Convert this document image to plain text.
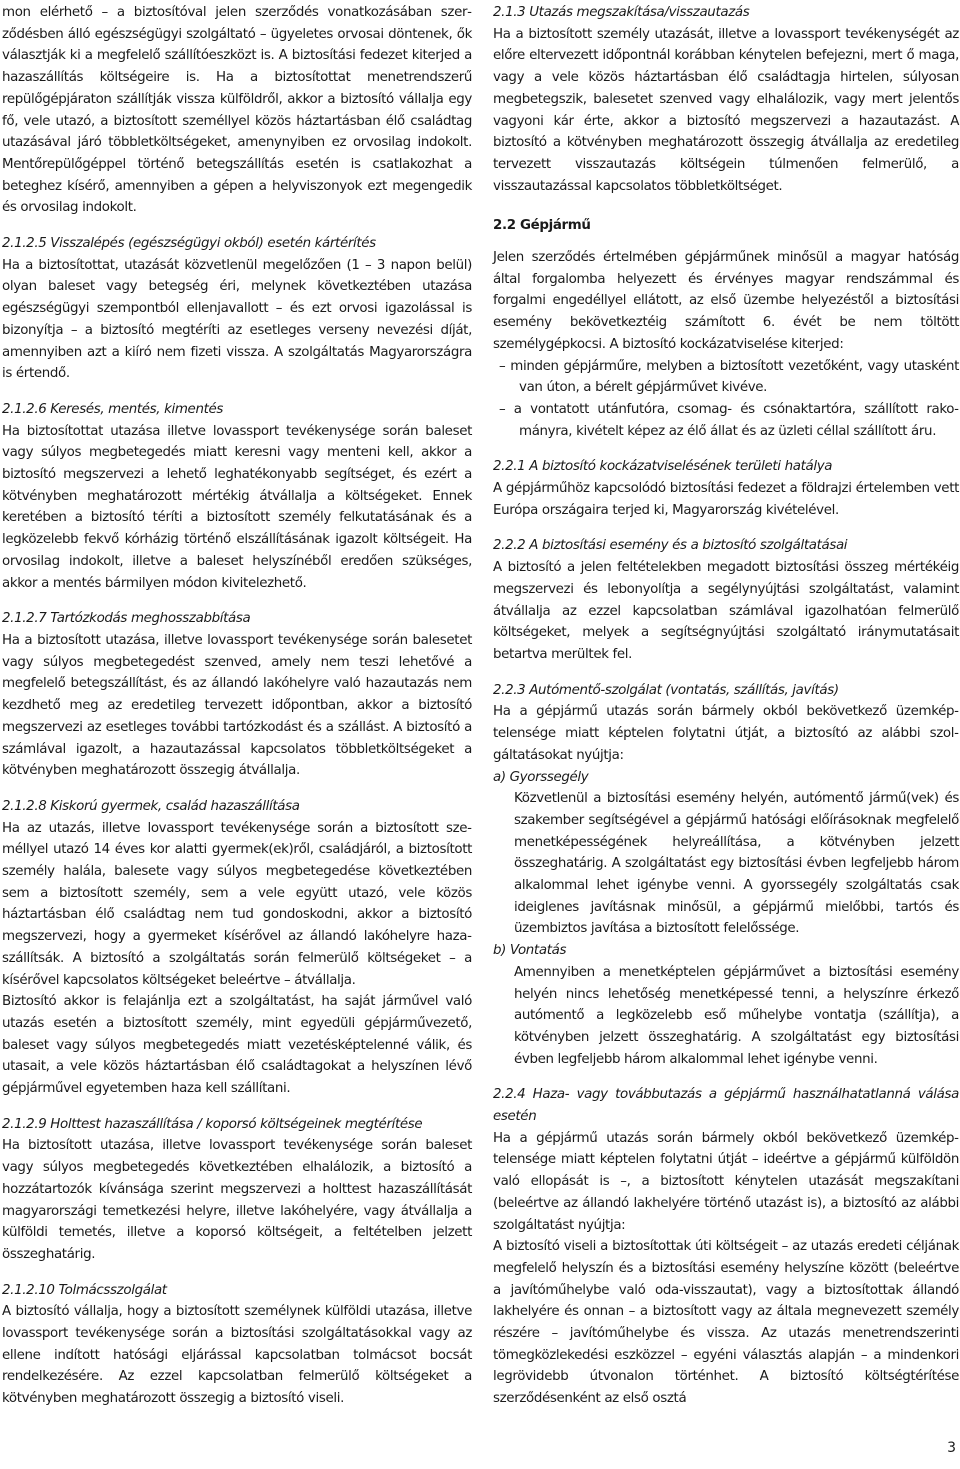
mon elérhető – a biztosítóval jelen szerződés vonatkozásában szerződésben álló egészségügyi szolgáltató – ügyeletes orvosai döntenek, ők választják ki a megfelelő szállítóeszközt is. A biztosítási fedezet kiterjed a hazaszállítás költségeire is. Ha a biztosítottat menetrendszerű repülőgépjáraton szállítják vissza külföldről, akkor a biztosító vállalja egy fő, vele utazó, a biztosított személlyel közös háztartásban élő családtag utazásával járó többletköltségeket, amenynyiben ez orvosilag indokolt. Mentőrepülőgéppel történő betegszállítás esetén is csatlakozhat a beteghez kísérő, amennyiben a gépen a helyviszonyok ezt megengedik és orvosilag indokolt.

2.1.2.5 Visszalépés (egészségügyi okból) esetén kártérítés

Ha a biztosítottat, utazását közvetlenül megelőzően (1 – 3 napon belül) olyan baleset vagy betegség éri, melynek következtében utazása egészségügyi szempontból ellenjavallott – és ezt orvosi igazolással is bizonyítja – a biztosító megtéríti az esetleges verseny nevezési díját, amennyiben azt a kiíró nem fizeti vissza. A szolgáltatás Magyarországra is értendő.

2.1.2.6 Keresés, mentés, kimentés

Ha biztosítottat utazása illetve lovassport tevékenysége során baleset vagy súlyos megbetegedés miatt keresni vagy menteni kell, akkor a biztosító megszervezi a lehető leghatékonyabb segítséget, és ezért a kötvényben meghatározott mértékig átvállalja a költségeket. Ennek keretében a biztosító téríti a biztosított személy felkutatásának és a legközelebb fekvő kórházig történő elszállításának igazolt költségeit. Ha orvosilag indokolt, illetve a baleset helyszínéből eredően szükséges, akkor a mentés bármilyen módon kivitelezhető.

2.1.2.7 Tartózkodás meghosszabbítása

Ha a biztosított utazása, illetve lovassport tevékenysége során balesetet vagy súlyos megbetegedést szenved, amely nem teszi lehetővé a megfelelő betegszállítást, és az állandó lakóhelyre való hazautazás nem kezdhető meg az eredetileg tervezett időpontban, akkor a biztosító megszervezi az esetleges további tartózkodást és a szállást. A biztosító a számlával igazolt, a hazautazással kapcsolatos többletköltségeket a kötvényben meghatározott összegig átvállalja.

2.1.2.8 Kiskorú gyermek, család hazaszállítása

Ha az utazás, illetve lovassport tevékenysége során a biztosított személlyel utazó 14 éves kor alatti gyermek(ek)ről, családjáról, a biztosított személy halála, balesete vagy súlyos megbetegedése következtében sem a biztosított személy, sem a vele együtt utazó, vele közös háztartásban élő családtag nem tud gondoskodni, akkor a biztosító megszervezi, hogy a gyermeket kísérővel az állandó lakóhelyre hazaszállítsák. A biztosító a szolgáltatás során felmerülő költségeket – a kísérővel kapcsolatos költségeket beleértve – átvállalja.

Biztosító akkor is felajánlja ezt a szolgáltatást, ha saját járművel való utazás esetén a biztosított személy, mint egyedüli gépjárművezető, baleset vagy súlyos megbetegedés miatt vezetésképtelenné válik, és utasait, a vele közös háztartásban élő családtagokat a helyszínen lévő gépjárművel egyetemben haza kell szállítani.

2.1.2.9 Holttest hazaszállítása / koporsó költségeinek megtérítése

Ha biztosított utazása, illetve lovassport tevékenysége során baleset vagy súlyos megbetegedés következtében elhalálozik, a biztosító a hozzátartozók kívánsága szerint megszervezi a holttest hazaszállítását magyarországi temetkezési helyre, illetve lakóhelyére, vagy átvállalja a külföldi temetés, illetve a koporsó költségeit, a feltételben jelzett összeghatárig.

2.1.2.10 Tolmácsszolgálat

A biztosító vállalja, hogy a biztosított személynek külföldi utazása, illetve lovassport tevékenysége során a biztosítási szolgáltatásokkal vagy az ellene indított hatósági eljárással kapcsolatban tolmácsot bocsát rendelkezésére. Az ezzel kapcsolatban felmerülő költségeket a kötvényben meghatározott összegig a biztosító viseli.

2.1.3 Utazás megszakítása/visszautazás

Ha a biztosított személy utazását, illetve a lovassport tevékenységét az előre eltervezett időpontnál korábban kénytelen befejezni, mert ő maga, vagy a vele közös háztartásban élő családtagja hirtelen, súlyosan megbetegszik, balesetet szenved vagy elhalálozik, vagy mert jelentős vagyoni kár érte, akkor a biztosító megszervezi a hazautazást. A biztosító a kötvényben meghatározott összegig átvállalja az eredetileg tervezett visszautazás költségein túlmenően felmerülő, a visszautazással kapcsolatos többletköltséget.

2.2 Gépjármű

Jelen szerződés értelmében gépjárműnek minősül a magyar hatóság által forgalomba helyezett és érvényes magyar rendszámmal és forgalmi engedéllyel ellátott, az első üzembe helyezéstől a biztosítási esemény bekövetkeztéig számított 6. évét be nem töltött személygépkocsi. A biztosító kockázatviselése kiterjed:

– minden gépjárműre, melyben a biztosított vezetőként, vagy utasként van úton, a bérelt gépjárművet kivéve.

– a vontatott utánfutóra, csomag- és csónaktartóra, szállított rakományra, kivételt képez az élő állat és az üzleti céllal szállított áru.

2.2.1 A biztosító kockázatviselésének területi hatálya

A gépjárműhöz kapcsolódó biztosítási fedezet a földrajzi értelemben vett Európa országaira terjed ki, Magyarország kivételével.

2.2.2 A biztosítási esemény és a biztosító szolgáltatásai

A biztosító a jelen feltételekben megadott biztosítási összeg mértékéig megszervezi és lebonyolítja a segélynyújtási szolgáltatást, valamint átvállalja az ezzel kapcsolatban számlával igazolhatóan felmerülő költségeket, melyek a segítségnyújtási szolgáltató iránymutatásait betartva merültek fel.

2.2.3 Autómentő-szolgálat (vontatás, szállítás, javítás)

Ha a gépjármű utazás során bármely okból bekövetkező üzemképtelensége miatt képtelen folytatni útját, a biztosító az alábbi szolgáltatásokat nyújtja:

a) Gyorssegély

Közvetlenül a biztosítási esemény helyén, autómentő jármű(vek) és szakember segítségével a gépjármű hatósági előírásoknak megfelelő menetképességének helyreállítása, a kötvényben jelzett összeghatárig. A szolgáltatást egy biztosítási évben legfeljebb három alkalommal lehet igénybe venni. A gyorssegély szolgáltatás csak ideiglenes javításnak minősül, a gépjármű mielőbbi, tartós és üzembiztos javítása a biztosított felelőssége.

b) Vontatás

Amennyiben a menetképtelen gépjárművet a biztosítási esemény helyén nincs lehetőség menetképessé tenni, a helyszínre érkező autómentő a legközelebb eső műhelybe vontatja (szállítja), a kötvényben jelzett összeghatárig. A szolgáltatást egy biztosítási évben legfeljebb három alkalommal lehet igénybe venni.

2.2.4 Haza- vagy továbbutazás a gépjármű használhatatlanná válása esetén

Ha a gépjármű utazás során bármely okból bekövetkező üzemképtelensége miatt képtelen folytatni útját – ideértve a gépjármű külföldön való ellopását is –, a biztosított kénytelen utazását megszakítani (beleértve az állandó lakhelyére történő utazást is), a biztosító az alábbi szolgáltatást nyújtja:

A biztosító viseli a biztosítottak úti költségeit – az utazás eredeti céljának megfelelő helyszín és a biztosítási esemény helyszíne között (beleértve a javítóműhelybe való oda-visszautat), vagy a biztosítottak állandó lakhelyére és onnan – a biztosított vagy az általa megnevezett személy részére – javítóműhelybe és vissza. Az utazás menetrendszerinti tömegközlekedési eszközzel – egyéni választás alapján – a mindenkori legrövidebb útvonalon történhet. A biztosító költségtérítése szerződésenként az első osztá

3
